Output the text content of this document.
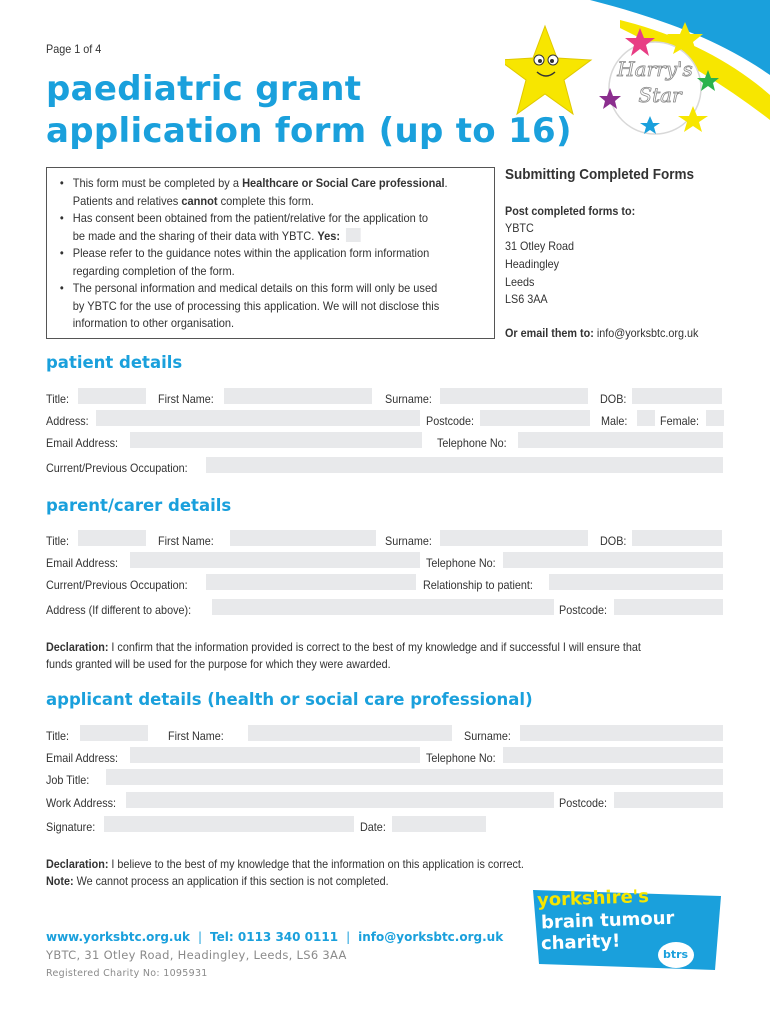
Harry's
Star
Page 1 of 4
paediatric grant
application form (up to 16)
• This form must be completed by a Healthcare or Social Care professional.
Patients and relatives cannot complete this form.
• Has consent been obtained from the patient/relative for the application to
be made and the sharing of their data with YBTC. Yes:
• Please refer to the guidance notes within the application form information
regarding completion of the form.
• The personal information and medical details on this form will only be used
by YBTC for the use of processing this application. We will not disclose this
information to other organisation.
Submitting Completed Forms
Post completed forms to:
YBTC
31 Otley Road
Headingley
Leeds
LS6 3AA
Or email them to: info@yorksbtc.org.uk
patient details
Title:	First Name:	Surname:	DOB:
Address:	Postcode:	Male:	Female:
Email Address:	Telephone No:
Current/Previous Occupation:
parent/carer details
Title:	First Name:	Surname:	DOB:
Email Address:	Telephone No:
Current/Previous Occupation:	Relationship to patient:
Address (If different to above):	Postcode:
Declaration: I confirm that the information provided is correct to the best of my knowledge and if successful I will ensure that
funds granted will be used for the purpose for which they were awarded.
applicant details (health or social care professional)
Title:	First Name:	Surname:
Email Address:	Telephone No:
Job Title:
Work Address:	Postcode:
Signature:	Date:
Declaration: I believe to the best of my knowledge that the information on this application is correct.
Note: We cannot process an application if this section is not completed.
www.yorksbtc.org.uk | Tel: 0113 340 0111 | info@yorksbtc.org.uk
YBTC, 31 Otley Road, Headingley, Leeds, LS6 3AA
Registered Charity No: 1095931
yorkshire's
brain tumour
charity!
btrs
